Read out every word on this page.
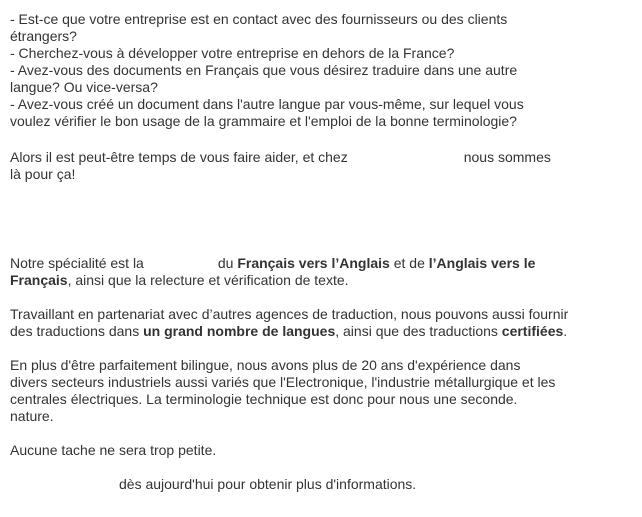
- Est-ce que votre entreprise est en contact avec des fournisseurs ou des clients
étrangers?
- Cherchez-vous à développer votre entreprise en dehors de la France?
- Avez-vous des documents en Français que vous désirez traduire dans une autre
langue? Ou vice-versa?
- Avez-vous créé un document dans l'autre langue par vous-même, sur lequel vous
voulez vérifier le bon usage de la grammaire et l'emploi de la bonne terminologie?
Alors il est peut-être temps de vous faire aider, et chez	nous sommes
là pour ça!
Notre spécialité est la	du Français vers l’Anglais et de l’Anglais vers le
Français, ainsi que la relecture et vérification de texte.
Travaillant en partenariat avec d’autres agences de traduction, nous pouvons aussi fournir
des traductions dans un grand nombre de langues, ainsi que des traductions certifiées.
En plus d'être parfaitement bilingue, nous avons plus de 20 ans d'expérience dans
divers secteurs industriels aussi variés que l'Electronique, l'industrie métallurgique et les
centrales électriques. La terminologie technique est donc pour nous une seconde.
nature.
Aucune tache ne sera trop petite.
dès aujourd'hui pour obtenir plus d'informations.
